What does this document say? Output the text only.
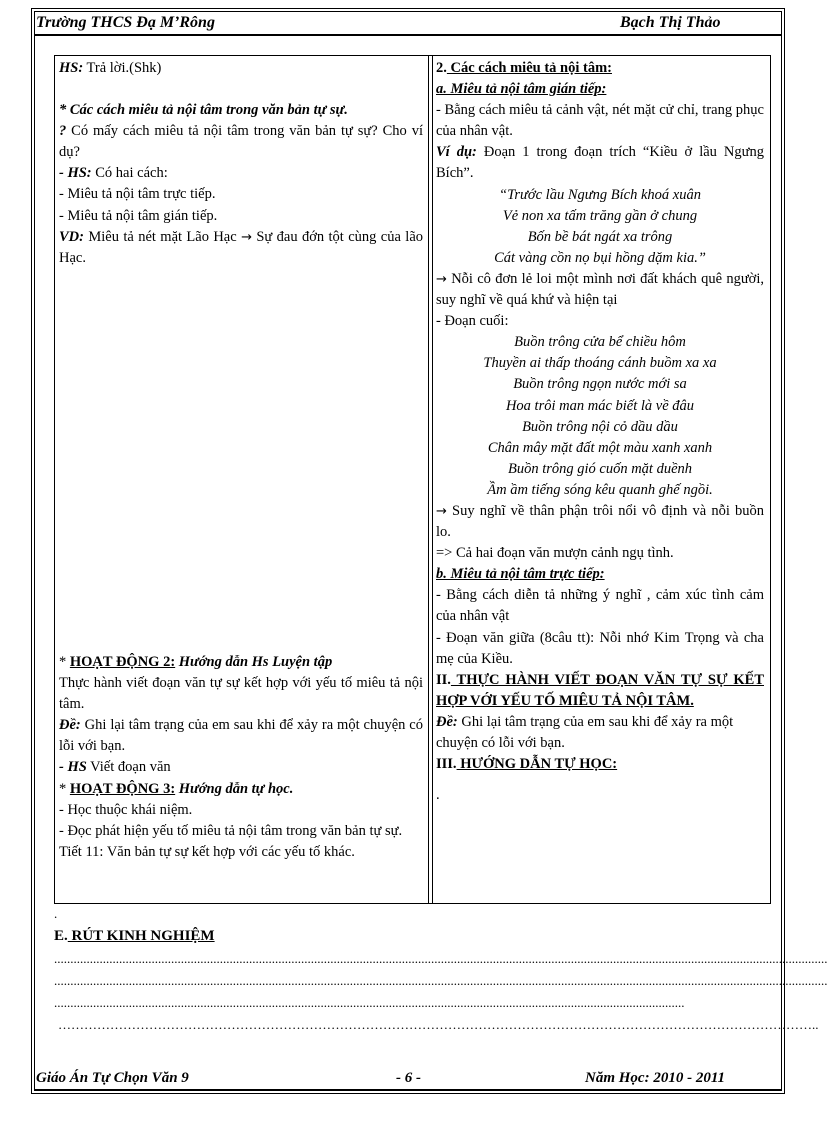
Trường THCS Đạ M’Rông	Bạch Thị Thảo

HS: Trả lời.(Shk)

* Các cách miêu tả nội tâm trong văn bản tự sự.

? Có mấy cách miêu tả nội tâm trong văn bản tự sự? Cho ví dụ?

- HS: Có hai cách:

- Miêu tả nội tâm trực tiếp.

- Miêu tả nội tâm gián tiếp.

VD: Miêu tả nét mặt Lão Hạc → Sự đau đớn tột cùng của lão Hạc.

* HOẠT ĐỘNG 2: Hướng dẫn Hs Luyện tập

Thực hành viết đoạn văn tự sự kết hợp với yếu tố miêu tả nội tâm.

Đề: Ghi lại tâm trạng của em sau khi để xảy ra một chuyện có lỗi với bạn.

- HS Viết đoạn văn

* HOẠT ĐỘNG 3: Hướng dẫn tự học.

- Học thuộc khái niệm.

- Đọc phát hiện yếu tố miêu tả nội tâm trong văn bản tự sự. Tiết 11: Văn bản tự sự kết hợp với các yếu tố khác.

2. Các cách miêu tả nội tâm:

a. Miêu tả nội tâm gián tiếp:

- Bằng cách miêu tả cảnh vật, nét mặt cử chỉ, trang phục của nhân vật.

Ví dụ: Đoạn 1 trong đoạn trích “Kiều ở lầu Ngưng Bích”.

“Trước lầu Ngưng Bích khoá xuân

Vẻ non xa tấm trăng gần ở chung

Bốn bề bát ngát xa trông

Cát vàng cồn nọ bụi hồng dặm kia.”

→ Nỗi cô đơn lẻ loi một mình nơi đất khách quê người, suy nghĩ về quá khứ và hiện tại

- Đoạn cuối:

Buồn trông cửa bể chiều hôm

Thuyền ai thấp thoáng cánh buồm xa xa

Buồn trông ngọn nước mới sa

Hoa trôi man mác biết là về đâu

Buồn trông nội cỏ dầu dầu

Chân mây mặt đất một màu xanh xanh

Buồn trông gió cuốn mặt duềnh

Ầm ầm tiếng sóng kêu quanh ghế ngồi.

→ Suy nghĩ về thân phận trôi nổi vô định và nỗi buồn lo.

=> Cả hai đoạn văn mượn cảnh ngụ tình.

b. Miêu tả nội tâm trực tiếp:

- Bằng cách diễn tả những ý nghĩ , cảm xúc tình cảm của nhân vật

- Đoạn văn giữa (8câu tt): Nỗi nhớ Kim Trọng và cha mẹ của Kiều.

II. THỰC HÀNH VIẾT ĐOẠN VĂN TỰ SỰ KẾT HỢP VỚI YẾU TỐ MIÊU TẢ NỘI TÂM.

Đề: Ghi lại tâm trạng của em sau khi để xảy ra một chuyện có lỗi với bạn.

III. HƯỚNG DẪN TỰ HỌC:

.

.
E. RÚT KINH NGHIỆM
..............................................................................................................................................................................................................................................
..............................................................................................................................................................................................................................................
..................................................................................................................................................................................................
…………………………………………………………………………………………………………………………………………………………..
Giáo Án Tự Chọn Văn 9	- 6 -	Năm Học: 2010 - 2011
